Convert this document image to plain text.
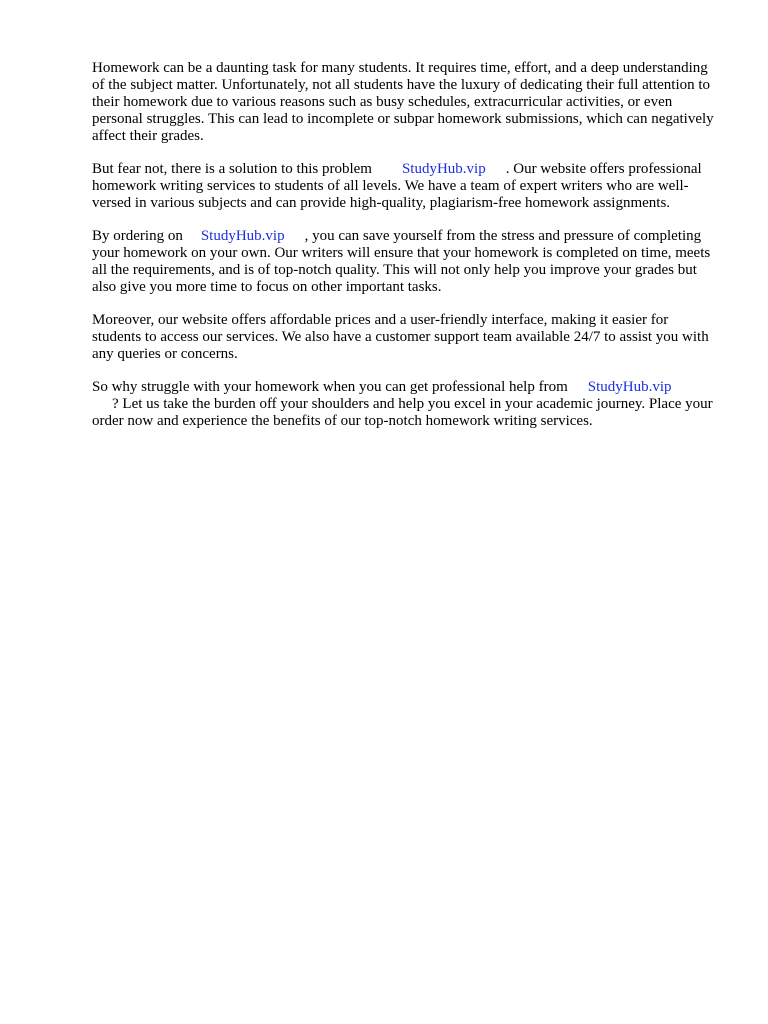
Homework can be a daunting task for many students. It requires time, effort, and a deep understanding of the subject matter. Unfortunately, not all students have the luxury of dedicating their full attention to their homework due to various reasons such as busy schedules, extracurricular activities, or even personal struggles. This can lead to incomplete or subpar homework submissions, which can negatively affect their grades.

But fear not, there is a solution to this problem StudyHub.vip . Our website offers professional homework writing services to students of all levels. We have a team of expert writers who are well-versed in various subjects and can provide high-quality, plagiarism-free homework assignments.

By ordering on StudyHub.vip , you can save yourself from the stress and pressure of completing your homework on your own. Our writers will ensure that your homework is completed on time, meets all the requirements, and is of top-notch quality. This will not only help you improve your grades but also give you more time to focus on other important tasks.

Moreover, our website offers affordable prices and a user-friendly interface, making it easier for students to access our services. We also have a customer support team available 24/7 to assist you with any queries or concerns.

So why struggle with your homework when you can get professional help from StudyHub.vip
? Let us take the burden off your shoulders and help you excel in your academic journey. Place your order now and experience the benefits of our top-notch homework writing services.
